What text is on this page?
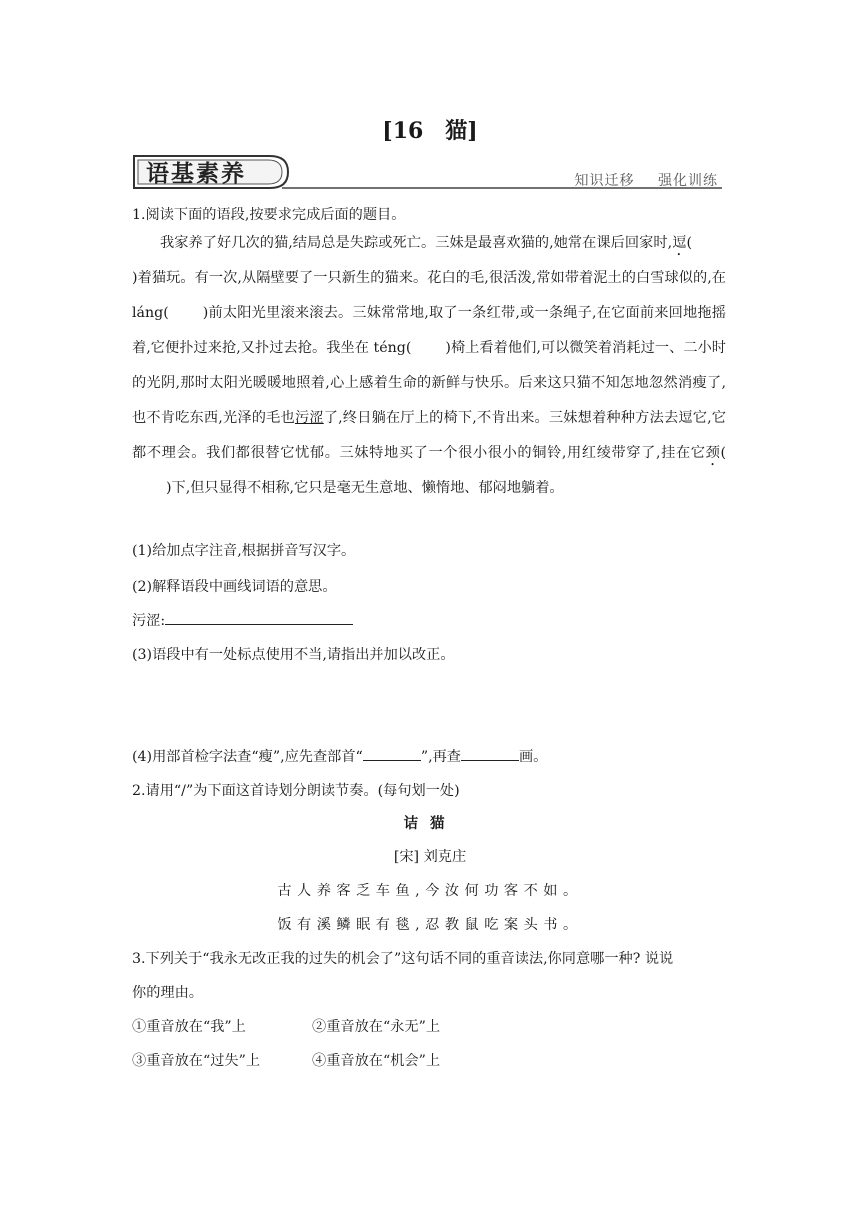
[16　猫]
语基素养	知识迁移 强化训练
1.阅读下面的语段,按要求完成后面的题目。

我家养了好几次的猫,结局总是失踪或死亡。三妹是最喜欢猫的,她常在课后回家时,逗()着猫玩。有一次,从隔壁要了一只新生的猫来。花白的毛,很活泼,常如带着泥土的白雪球似的,在 láng( )前太阳光里滚来滚去。三妹常常地,取了一条红带,或一条绳子,在它面前来回地拖摇着,它便扑过来抢,又扑过去抢。我坐在 téng( )椅上看着他们,可以微笑着消耗过一、二小时的光阴,那时太阳光暖暖地照着,心上感着生命的新鲜与快乐。后来这只猫不知怎地忽然消瘦了,也不肯吃东西,光泽的毛也污涩了,终日躺在厅上的椅下,不肯出来。三妹想着种种方法去逗它,它都不理会。我们都很替它忧郁。三妹特地买了一个很小很小的铜铃,用红绫带穿了,挂在它颈()下,但只显得不相称,它只是毫无生意地、懒惰地、郁闷地躺着。

(1)给加点字注音,根据拼音写汉字。
(2)解释语段中画线词语的意思。
污涩:
(3)语段中有一处标点使用不当,请指出并加以改正。
(4)用部首检字法查“瘦”,应先查部首“	”,再查	画。
2.请用“/”为下面这首诗划分朗读节奏。(每句划一处)
诘猫
[宋] 刘克庄
古人养客乏车鱼,今汝何功客不如。
饭有溪鳞眠有毯,忍教鼠吃案头书。
3.下列关于“我永无改正我的过失的机会了”这句话不同的重音读法,你同意哪一种? 说说
你的理由。
①重音放在“我”上	②重音放在“永无”上
③重音放在“过失”上	④重音放在“机会”上
